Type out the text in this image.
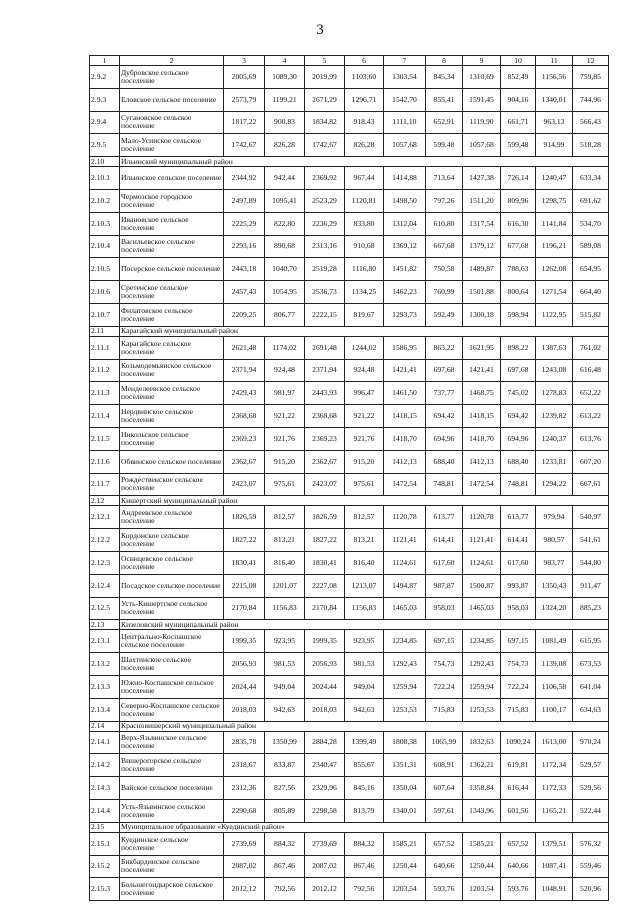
3
1	2	3	4	5	6	7	8	9	10	11	12
2.9.2	Дубровское сельское поселение	2005,69	1089,30	2019,99	1103,60	1303,54	845,34	1310,69	852,49	1156,56	759,85
2.9.3	Еловское сельское поселение	2573,79	1199,21	2671,29	1296,71	1542,70	855,41	1591,45	904,16	1340,01	744,96
2.9.4	Сугановское сельское поселение	1817,22	900,83	1834,82	918,43	1111,10	652,91	1119,90	661,71	963,13	566,43
2.9.5	Мало-Усинское сельское поселение	1742,67	826,28	1742,67	826,28	1057,68	599,48	1057,68	599,48	914,99	518,28
2.10	Ильинский муниципальный район										
2.10.1	Ильинское сельское поселение	2344,92	942,44	2369,92	967,44	1414,88	713,64	1427,38	726,14	1240,47	633,34
2.10.2	Чермозское городское поселение	2497,89	1095,41	2523,29	1120,81	1498,50	797,26	1511,20	809,96	1298,75	691,62
2.10.3	Ивановское сельское поселение	2225,29	822,80	2236,29	833,80	1312,04	610,80	1317,54	616,30	1141,84	534,70
2.10.4	Васильевское сельское поселение	2293,16	890,68	2313,16	910,68	1369,12	667,68	1379,12	677,68	1196,21	589,08
2.10.5	Посерское сельское поселение	2443,18	1040,70	2519,28	1116,80	1451,82	750,58	1489,87	788,63	1262,08	654,95
2.10.6	Сретенское сельское поселение	2457,43	1054,95	2536,73	1134,25	1462,23	760,99	1501,88	800,64	1271,54	664,40
2.10.7	Филатовское сельское поселение	2209,25	806,77	2222,15	819,67	1293,73	592,49	1300,18	598,94	1122,95	515,82
2.11	Карагайский муниципальный район										
2.11.1	Карагайское сельское поселение	2621,48	1174,02	2691,48	1244,02	1586,95	863,22	1621,95	898,22	1387,63	761,02
2.11.2	Козьмодемьянское сельское поселение	2371,94	924,48	2371,94	924,48	1421,41	697,68	1421,41	697,68	1243,08	616,48
2.11.3	Менделеевское сельское поселение	2429,43	981,97	2443,93	996,47	1461,50	737,77	1468,75	745,02	1278,83	652,22
2.11.4	Нердвинское сельское поселение	2368,68	921,22	2368,68	921,22	1418,15	694,42	1418,15	694,42	1239,82	613,22
2.11.5	Никольское сельское поселение	2369,23	921,76	2369,23	921,76	1418,70	694,96	1418,70	694,96	1240,37	613,76
2.11.6	Обвинское сельское поселение	2362,67	915,20	2362,67	915,20	1412,13	688,40	1412,13	688,40	1233,81	607,20
2.11.7	Рождественское сельское поселение	2423,07	975,61	2423,07	975,61	1472,54	748,81	1472,54	748,81	1294,22	667,61
2.12	Кишертский муниципальный район										
2.12.1	Андреевское сельское поселение	1826,59	812,57	1826,59	812,57	1120,78	613,77	1120,78	613,77	979,94	540,97
2.12.2	Кордонское сельское поселение	1827,22	813,21	1827,22	813,21	1121,41	614,41	1121,41	614,41	980,57	541,61
2.12.3	Осинцевское сельское поселение	1830,41	816,40	1830,41	816,40	1124,61	617,60	1124,61	617,60	983,77	544,80
2.12.4	Посадское сельское поселение	2215,08	1201,07	2227,08	1213,07	1494,87	987,87	1500,87	993,87	1350,43	911,47
2.12.5	Усть-Кишертское сельское поселение	2170,84	1156,83	2170,84	1156,83	1465,03	958,03	1465,03	958,03	1324,20	885,23
2.13	Кизеловский муниципальный район										
2.13.1	Центрально-Коспашское сельское поселение	1999,35	923,95	1999,35	923,95	1234,85	697,15	1234,85	697,15	1081,49	615,95
2.13.2	Шахтинское сельское поселение	2056,93	981,53	2056,93	981,53	1292,43	754,73	1292,43	754,73	1139,08	673,53
2.13.3	Южно-Коспашское сельское поселение	2024,44	949,04	2024,44	949,04	1259,94	722,24	1259,94	722,24	1106,58	641,04
2.13.4	Северно-Коспашское сельское поселение	2018,03	942,63	2018,03	942,63	1253,53	715,83	1253,53	715,83	1100,17	634,63
2.14	Красновишерский муниципальный район										
2.14.1	Верх-Язьвинское сельское поселение	2835,78	1350,99	2884,28	1399,49	1808,38	1065,99	1832,63	1090,24	1613,00	970,24
2.14.2	Вишерогорское сельское поселение	2318,67	833,87	2340,47	855,67	1351,31	608,91	1362,21	619,81	1172,34	529,57
2.14.3	Вайское сельское поселение	2312,36	827,56	2329,96	845,16	1350,04	607,64	1358,84	616,44	1172,33	529,56
2.14.4	Усть-Язьвинское сельское поселение	2290,68	805,89	2298,58	813,79	1340,01	597,61	1343,96	601,56	1165,21	522,44
2.15	Муниципальное образование «Куединский район»										
2.15.1	Куединское сельское поселение	2739,69	884,32	2739,69	884,32	1585,21	657,52	1585,21	657,52	1379,51	576,32
2.15.2	Бикбардинское сельское поселение	2087,02	867,46	2087,02	867,46	1250,44	640,66	1250,44	640,66	1087,41	559,46
2.15.3	Большегондырское сельское поселение	2012,12	792,56	2012,12	792,56	1203,54	593,76	1203,54	593,76	1048,91	520,96
